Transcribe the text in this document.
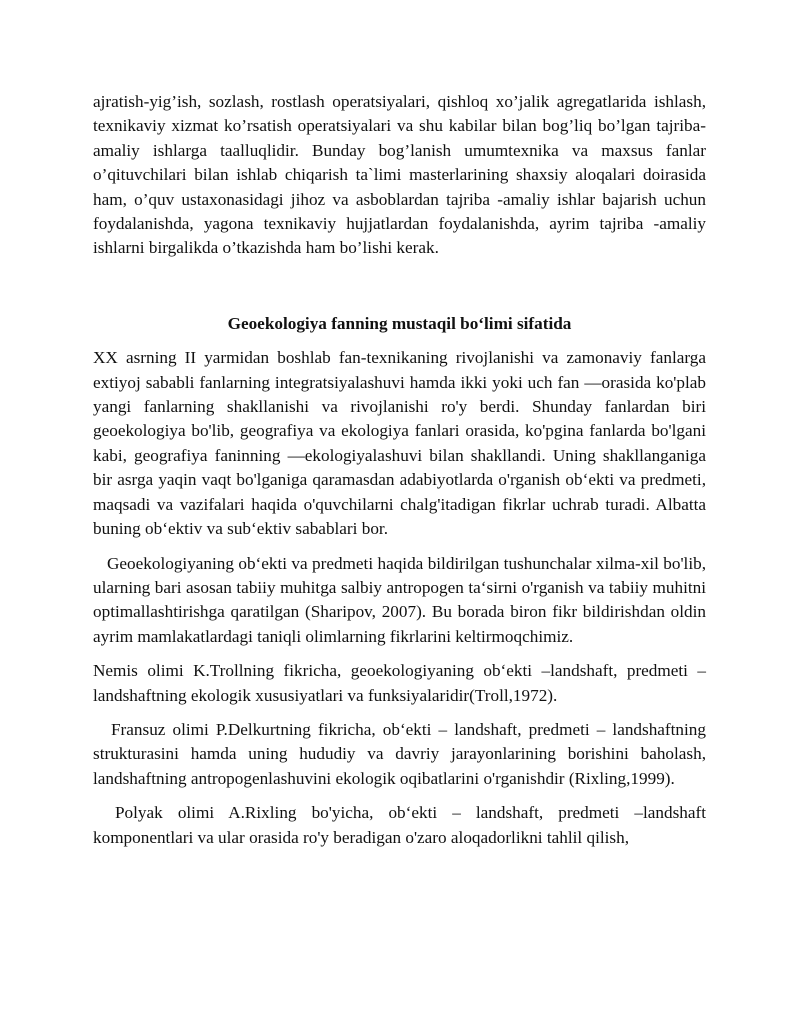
ajratish-yig’ish, sozlash, rostlash operatsiyalari, qishloq xo’jalik agregatlarida ishlash, texnikaviy xizmat ko’rsatish operatsiyalari va shu kabilar bilan bog’liq bo’lgan tajriba-amaliy ishlarga taalluqlidir. Bunday bog’lanish umumtexnika va maxsus fanlar o’qituvchilari bilan ishlab chiqarish ta`limi masterlarining shaxsiy aloqalari doirasida ham, o’quv ustaxonasidagi jihoz va asboblardan tajriba -amaliy ishlar bajarish uchun foydalanishda, yagona texnikaviy hujjatlardan foydalanishda, ayrim tajriba -amaliy ishlarni birgalikda o’tkazishda ham bo’lishi kerak.

Geoekologiya fanning mustaqil bo‘limi sifatida

XX asrning II yarmidan boshlab fan-texnikaning rivojlanishi va zamonaviy fanlarga extiyoj sababli fanlarning integratsiyalashuvi hamda ikki yoki uch fan ―orasida ko'plab yangi fanlarning shakllanishi va rivojlanishi ro'y berdi. Shunday fanlardan biri geoekologiya bo'lib, geografiya va ekologiya fanlari orasida, ko'pgina fanlarda bo'lgani kabi, geografiya faninning ―ekologiyalashuvi bilan shakllandi. Uning shakllanganiga bir asrga yaqin vaqt bo'lganiga qaramasdan adabiyotlarda o'rganish ob‘ekti va predmeti, maqsadi va vazifalari haqida o'quvchilarni chalg'itadigan fikrlar uchrab turadi. Albatta buning ob‘ektiv va sub‘ektiv sabablari bor.

Geoekologiyaning ob‘ekti va predmeti haqida bildirilgan tushunchalar xilma-xil bo'lib, ularning bari asosan tabiiy muhitga salbiy antropogen ta‘sirni o'rganish va tabiiy muhitni optimallashtirishga qaratilgan (Sharipov, 2007). Bu borada biron fikr bildirishdan oldin ayrim mamlakatlardagi taniqli olimlarning fikrlarini keltirmoqchimiz.

Nemis olimi K.Trollning fikricha, geoekologiyaning ob‘ekti –landshaft, predmeti – landshaftning ekologik xususiyatlari va funksiyalaridir(Troll,1972).

Fransuz olimi P.Delkurtning fikricha, ob‘ekti – landshaft, predmeti – landshaftning strukturasini hamda uning hududiy va davriy jarayonlarining borishini baholash, landshaftning antropogenlashuvini ekologik oqibatlarini o'rganishdir (Rixling,1999).

Polyak olimi A.Rixling bo'yicha, ob‘ekti – landshaft, predmeti –landshaft komponentlari va ular orasida ro'y beradigan o'zaro aloqadorlikni tahlil qilish,
